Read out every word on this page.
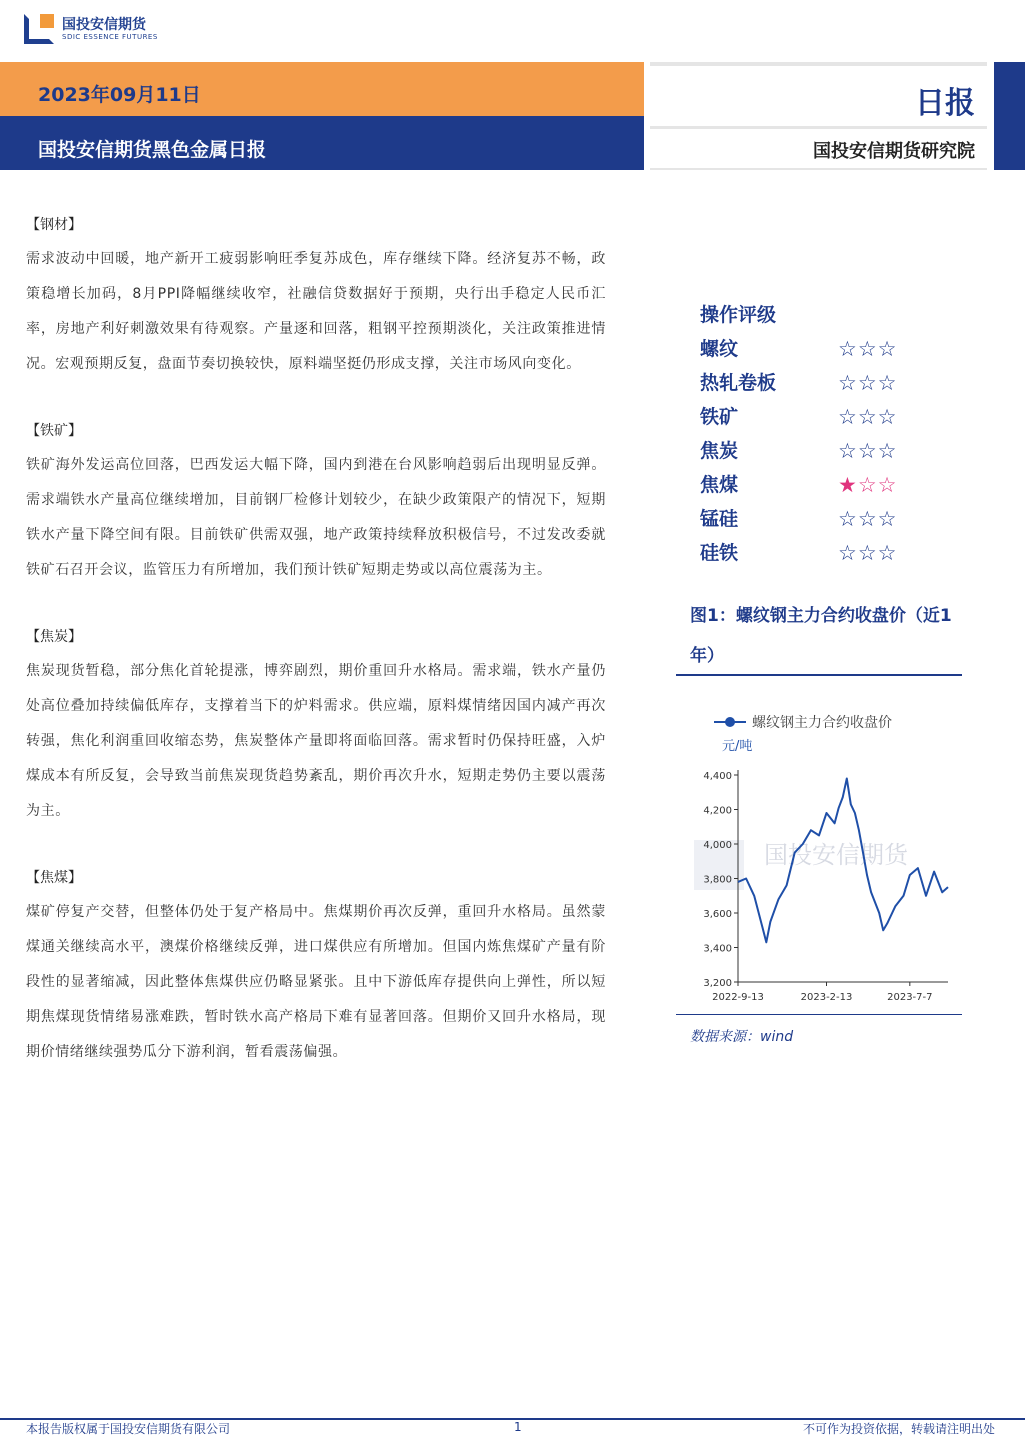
国投安信期货
SDIC ESSENCE FUTURES
2023年09月11日
国投安信期货黑色金属日报
日报
国投安信期货研究院
【钢材】

需求波动中回暖，地产新开工疲弱影响旺季复苏成色，库存继续下降。经济复苏不畅，政策稳增长加码，8月PPI降幅继续收窄，社融信贷数据好于预期，央行出手稳定人民币汇率，房地产利好刺激效果有待观察。产量逐和回落，粗钢平控预期淡化，关注政策推进情况。宏观预期反复，盘面节奏切换较快，原料端坚挺仍形成支撑，关注市场风向变化。

【铁矿】

铁矿海外发运高位回落，巴西发运大幅下降，国内到港在台风影响趋弱后出现明显反弹。需求端铁水产量高位继续增加，目前钢厂检修计划较少，在缺少政策限产的情况下，短期铁水产量下降空间有限。目前铁矿供需双强，地产政策持续释放积极信号，不过发改委就铁矿石召开会议，监管压力有所增加，我们预计铁矿短期走势或以高位震荡为主。

【焦炭】

焦炭现货暂稳，部分焦化首轮提涨，博弈剧烈，期价重回升水格局。需求端，铁水产量仍处高位叠加持续偏低库存，支撑着当下的炉料需求。供应端，原料煤情绪因国内减产再次转强，焦化利润重回收缩态势，焦炭整体产量即将面临回落。需求暂时仍保持旺盛，入炉煤成本有所反复，会导致当前焦炭现货趋势紊乱，期价再次升水，短期走势仍主要以震荡为主。

【焦煤】

煤矿停复产交替，但整体仍处于复产格局中。焦煤期价再次反弹，重回升水格局。虽然蒙煤通关继续高水平，澳煤价格继续反弹，进口煤供应有所增加。但国内炼焦煤矿产量有阶段性的显著缩减，因此整体焦煤供应仍略显紧张。且中下游低库存提供向上弹性，所以短期焦煤现货情绪易涨难跌，暂时铁水高产格局下难有显著回落。但期价又回升水格局，现期价情绪继续强势瓜分下游利润，暂看震荡偏强。

操作评级
螺纹	☆ ☆ ☆
热轧卷板	☆ ☆ ☆
铁矿	☆ ☆ ☆
焦炭	☆ ☆ ☆
焦煤	★ ☆ ☆
锰硅	☆ ☆ ☆
硅铁	☆ ☆ ☆
图1：螺纹钢主力合约收盘价（近1年）
国投安信期货
螺纹钢主力合约收盘价
元/吨
3,200
3,400
3,600
3,800
4,000
4,200
4,400
2022-9-13	2023-2-13	2023-7-7
数据来源：wind
本报告版权属于国投安信期货有限公司	1	不可作为投资依据，转载请注明出处
